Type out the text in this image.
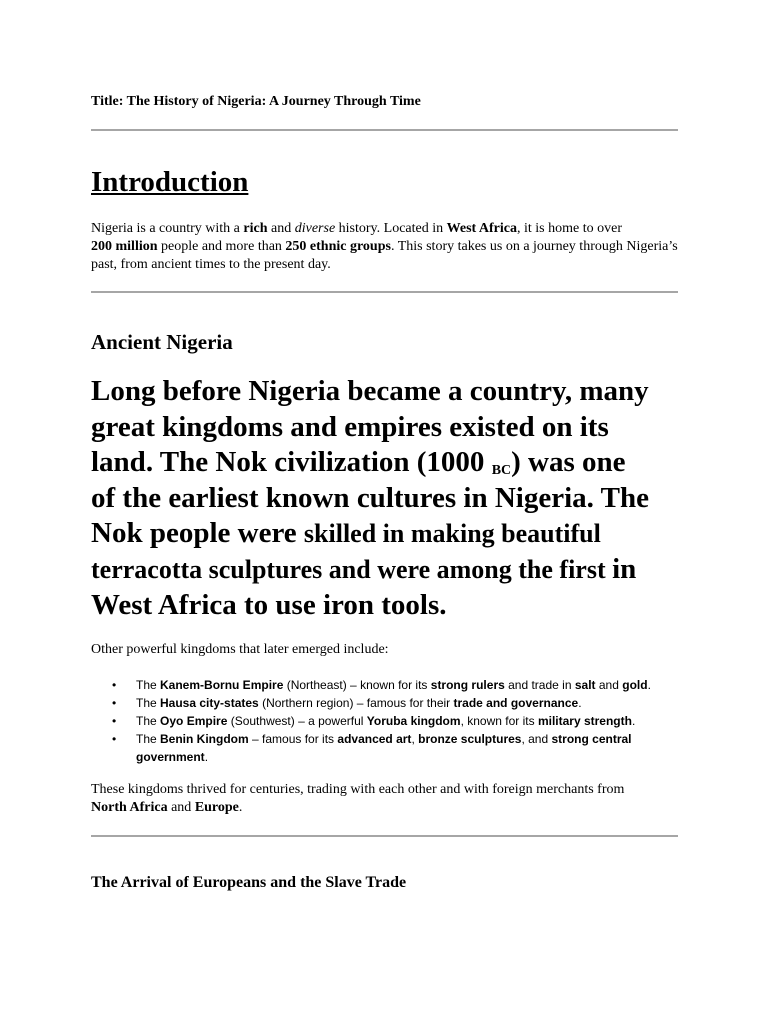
Title: The History of Nigeria: A Journey Through Time
Introduction
Nigeria is a country with a rich and diverse history. Located in West Africa, it is home to over
200 million people and more than 250 ethnic groups. This story takes us on a journey through Nigeria’s past, from ancient times to the present day.
Ancient Nigeria
Long before Nigeria became a country, many
great kingdoms and empires existed on its
land. The Nok civilization (1000 $_{BC}$) was one
of the earliest known cultures in Nigeria. The
Nok people were skilled in making beautiful
terracotta sculptures and were among the first in
West Africa to use iron tools.
Other powerful kingdoms that later emerged include:
• The Kanem-Bornu Empire (Northeast) – known for its strong rulers and trade in salt and gold.
• The Hausa city-states (Northern region) – famous for their trade and governance.
• The Oyo Empire (Southwest) – a powerful Yoruba kingdom, known for its military strength.
• The Benin Kingdom – famous for its advanced art, bronze sculptures, and strong central
government.
These kingdoms thrived for centuries, trading with each other and with foreign merchants from
North Africa and Europe.
The Arrival of Europeans and the Slave Trade
